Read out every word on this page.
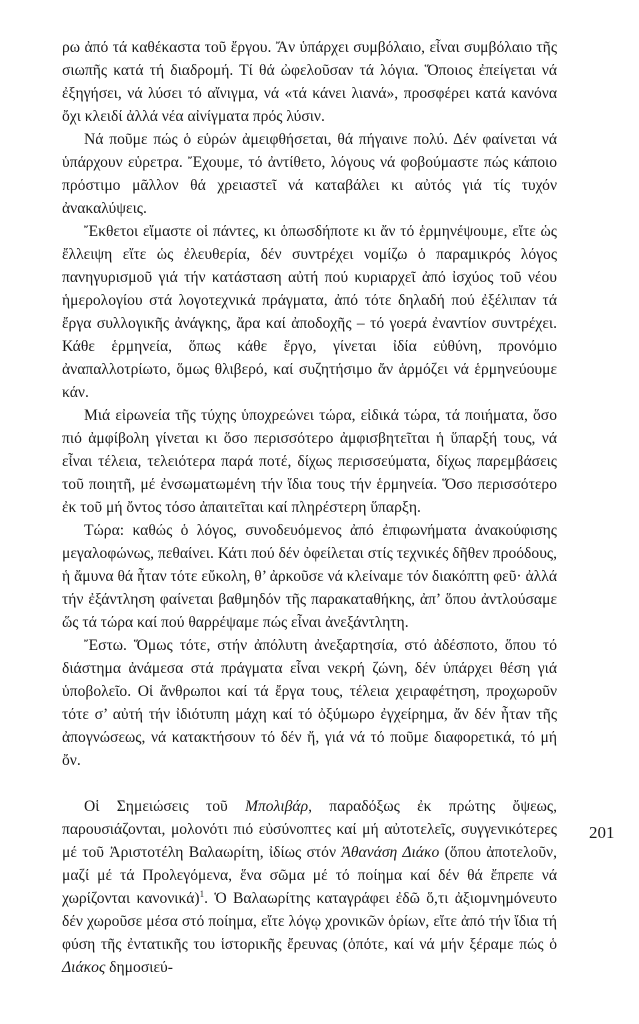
ρω ἀπό τά καθέκαστα τοῦ ἔργου. Ἄν ὑπάρχει συμβόλαιο, εἶναι συμβόλαιο τῆς σιωπῆς κατά τή διαδρομή. Τί θά ὠφελοῦσαν τά λόγια. Ὅποιος ἐπείγεται νά ἐξηγήσει, νά λύσει τό αἴνιγμα, νά «τά κάνει λιανά», προσφέρει κατά κανόνα ὄχι κλειδί ἀλλά νέα αἰνίγματα πρός λύσιν.

Νά ποῦμε πώς ὁ εὑρών ἀμειφθήσεται, θά πήγαινε πολύ. Δέν φαίνεται νά ὑπάρχουν εὑρετρα. Ἔχουμε, τό ἀντίθετο, λόγους νά φοβούμαστε πώς κάποιο πρόστιμο μᾶλλον θά χρειαστεῖ νά καταβάλει κι αὐτός γιά τίς τυχόν ἀνακαλύψεις.

Ἔκθετοι εἴμαστε οἱ πάντες, κι ὁπωσδήποτε κι ἄν τό ἑρμηνέψουμε, εἴτε ὡς ἔλλειψη εἴτε ὡς ἐλευθερία, δέν συντρέχει νομίζω ὁ παραμικρός λόγος πανηγυρισμοῦ γιά τήν κατάσταση αὐτή πού κυριαρχεῖ ἀπό ἰσχύος τοῦ νέου ἡμερολογίου στά λογοτεχνικά πράγματα, ἀπό τότε δηλαδή πού ἐξέλιπαν τά ἔργα συλλογικῆς ἀνάγκης, ἄρα καί ἀποδοχῆς – τό γοερά ἐναντίον συντρέχει. Κάθε ἑρμηνεία, ὅπως κάθε ἔργο, γίνεται ἰδία εὐθύνη, προνόμιο ἀναπαλλοτρίωτο, ὅμως θλιβερό, καί συζητήσιμο ἄν ἁρμόζει νά ἑρμηνεύουμε κάν.

Μιά εἰρωνεία τῆς τύχης ὑποχρεώνει τώρα, εἰδικά τώρα, τά ποιήματα, ὅσο πιό ἀμφίβολη γίνεται κι ὅσο περισσότερο ἀμφισβητεῖται ἡ ὕπαρξή τους, νά εἶναι τέλεια, τελειότερα παρά ποτέ, δίχως περισσεύματα, δίχως παρεμβάσεις τοῦ ποιητῆ, μέ ἐνσωματωμένη τήν ἴδια τους τήν ἑρμηνεία. Ὅσο περισσότερο ἐκ τοῦ μή ὄντος τόσο ἀπαιτεῖται καί πληρέστερη ὕπαρξη.

Τώρα: καθώς ὁ λόγος, συνοδευόμενος ἀπό ἐπιφωνήματα ἀνακούφισης μεγαλοφώνως, πεθαίνει. Κάτι πού δέν ὀφείλεται στίς τεχνικές δῆθεν προόδους, ἡ ἄμυνα θά ἦταν τότε εὔκολη, θ’ ἀρκοῦσε νά κλείναμε τόν διακόπτη φεῦ· ἀλλά τήν ἐξάντληση φαίνεται βαθμηδόν τῆς παρακαταθήκης, ἀπ’ ὅπου ἀντλούσαμε ὥς τά τώρα καί πού θαρρέψαμε πώς εἶναι ἀνεξάντλητη.

Ἔστω. Ὅμως τότε, στήν ἀπόλυτη ἀνεξαρτησία, στό ἀδέσποτο, ὅπου τό διάστημα ἀνάμεσα στά πράγματα εἶναι νεκρή ζώνη, δέν ὑπάρχει θέση γιά ὑποβολεῖο. Οἱ ἄνθρωποι καί τά ἔργα τους, τέλεια χειραφέτηση, προχωροῦν τότε σ’ αὐτή τήν ἰδιότυπη μάχη καί τό ὀξύμωρο ἐγχείρημα, ἄν δέν ἦταν τῆς ἀπογνώσεως, νά κατακτήσουν τό δέν ἤ, γιά νά τό ποῦμε διαφορετικά, τό μή ὄν.

Οἱ Σημειώσεις τοῦ Μπολιβάρ, παραδόξως ἐκ πρώτης ὄψεως, παρουσιάζονται, μολονότι πιό εὐσύνοπτες καί μή αὐτοτελεῖς, συγγενικότερες μέ τοῦ Ἀριστοτέλη Βαλαωρίτη, ἰδίως στόν Ἀθανάση Διάκο (ὅπου ἀποτελοῦν, μαζί μέ τά Προλεγόμενα, ἕνα σῶμα μέ τό ποίημα καί δέν θά ἔπρεπε νά χωρίζονται κανονικά)$^1$. Ὁ Βαλαωρίτης καταγράφει ἐδῶ ὅ,τι ἀξιομνημόνευτο δέν χωροῦσε μέσα στό ποίημα, εἴτε λόγῳ χρονικῶν ὁρίων, εἴτε ἀπό τήν ἴδια τή φύση τῆς ἐντατικῆς του ἱστορικῆς ἔρευνας (ὁπότε, καί νά μήν ξέραμε πώς ὁ Διάκος δημοσιεύ-

201
